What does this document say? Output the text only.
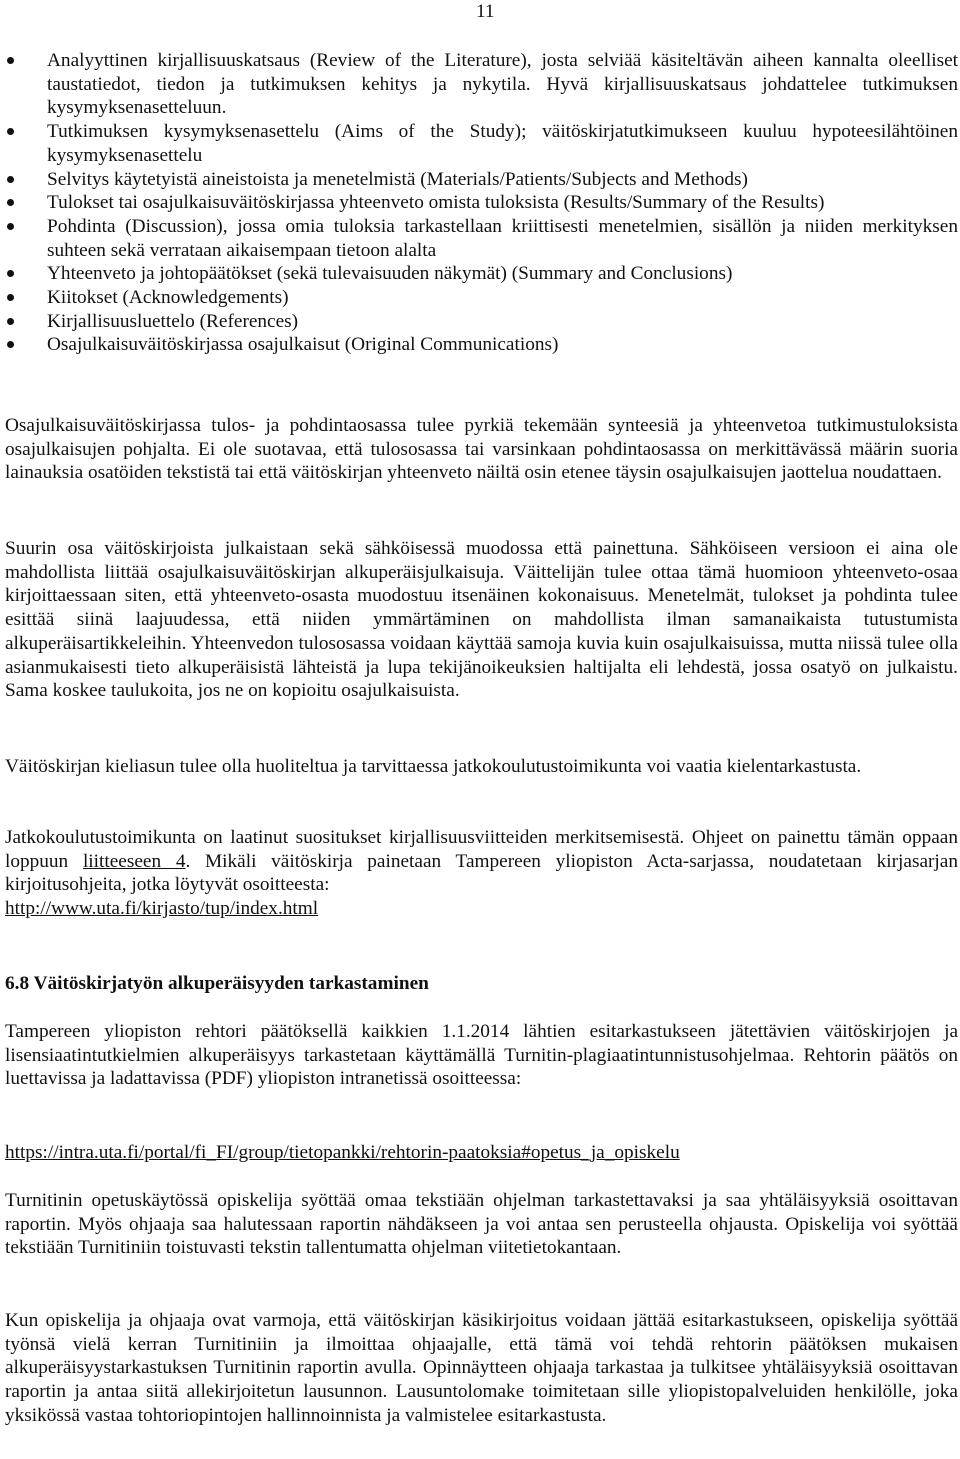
11
Analyyttinen kirjallisuuskatsaus (Review of the Literature), josta selviää käsiteltävän aiheen kannalta oleelliset taustatiedot, tiedon ja tutkimuksen kehitys ja nykytila. Hyvä kirjallisuuskatsaus johdattelee tutkimuksen kysymyksenasetteluun.
Tutkimuksen kysymyksenasettelu (Aims of the Study); väitöskirjatutkimukseen kuuluu hypoteesilähtöinen kysymyksenasettelu
Selvitys käytetyistä aineistoista ja menetelmistä (Materials/Patients/Subjects and Methods)
Tulokset tai osajulkaisuväitöskirjassa yhteenveto omista tuloksista (Results/Summary of the Results)
Pohdinta (Discussion), jossa omia tuloksia tarkastellaan kriittisesti menetelmien, sisällön ja niiden merkityksen suhteen sekä verrataan aikaisempaan tietoon alalta
Yhteenveto ja johtopäätökset (sekä tulevaisuuden näkymät) (Summary and Conclusions)
Kiitokset (Acknowledgements)
Kirjallisuusluettelo (References)
Osajulkaisuväitöskirjassa osajulkaisut (Original Communications)

Osajulkaisuväitöskirjassa tulos- ja pohdintaosassa tulee pyrkiä tekemään synteesiä ja yhteenvetoa tutkimustuloksista osajulkaisujen pohjalta. Ei ole suotavaa, että tulososassa tai varsinkaan pohdintaosassa on merkittävässä määrin suoria lainauksia osatöiden tekstistä tai että väitöskirjan yhteenveto näiltä osin etenee täysin osajulkaisujen jaottelua noudattaen.

Suurin osa väitöskirjoista julkaistaan sekä sähköisessä muodossa että painettuna. Sähköiseen versioon ei aina ole mahdollista liittää osajulkaisuväitöskirjan alkuperäisjulkaisuja. Väittelijän tulee ottaa tämä huomioon yhteenveto-osaa kirjoittaessaan siten, että yhteenveto-osasta muodostuu itsenäinen kokonaisuus. Menetelmät, tulokset ja pohdinta tulee esittää siinä laajuudessa, että niiden ymmärtäminen on mahdollista ilman samanaikaista tutustumista alkuperäisartikkeleihin. Yhteenvedon tulososassa voidaan käyttää samoja kuvia kuin osajulkaisuissa, mutta niissä tulee olla asianmukaisesti tieto alkuperäisistä lähteistä ja lupa tekijänoikeuksien haltijalta eli lehdestä, jossa osatyö on julkaistu. Sama koskee taulukoita, jos ne on kopioitu osajulkaisuista.

Väitöskirjan kieliasun tulee olla huoliteltua ja tarvittaessa jatkokoulutustoimikunta voi vaatia kielentarkastusta.

Jatkokoulutustoimikunta on laatinut suositukset kirjallisuusviitteiden merkitsemisestä. Ohjeet on painettu tämän oppaan loppuun liitteeseen 4. Mikäli väitöskirja painetaan Tampereen yliopiston Acta-sarjassa, noudatetaan kirjasarjan kirjoitusohjeita, jotka löytyvät osoitteesta:
http://www.uta.fi/kirjasto/tup/index.html

6.8 Väitöskirjatyön alkuperäisyyden tarkastaminen

Tampereen yliopiston rehtori päätöksellä kaikkien 1.1.2014 lähtien esitarkastukseen jätettävien väitöskirjojen ja lisensiaatintutkielmien alkuperäisyys tarkastetaan käyttämällä Turnitin-plagiaatintunnistusohjelmaa. Rehtorin päätös on luettavissa ja ladattavissa (PDF) yliopiston intranetissä osoitteessa:

https://intra.uta.fi/portal/fi_FI/group/tietopankki/rehtorin-paatoksia#opetus_ja_opiskelu

Turnitinin opetuskäytössä opiskelija syöttää omaa tekstiään ohjelman tarkastettavaksi ja saa yhtäläisyyksiä osoittavan raportin. Myös ohjaaja saa halutessaan raportin nähdäkseen ja voi antaa sen perusteella ohjausta. Opiskelija voi syöttää tekstiään Turnitiniin toistuvasti tekstin tallentumatta ohjelman viitetietokantaan.

Kun opiskelija ja ohjaaja ovat varmoja, että väitöskirjan käsikirjoitus voidaan jättää esitarkastukseen, opiskelija syöttää työnsä vielä kerran Turnitiniin ja ilmoittaa ohjaajalle, että tämä voi tehdä rehtorin päätöksen mukaisen alkuperäisyystarkastuksen Turnitinin raportin avulla. Opinnäytteen ohjaaja tarkastaa ja tulkitsee yhtäläisyyksiä osoittavan raportin ja antaa siitä allekirjoitetun lausunnon. Lausuntolomake toimitetaan sille yliopistopalveluiden henkilölle, joka yksikössä vastaa tohtoriopintojen hallinnoinnista ja valmistelee esitarkastusta.
